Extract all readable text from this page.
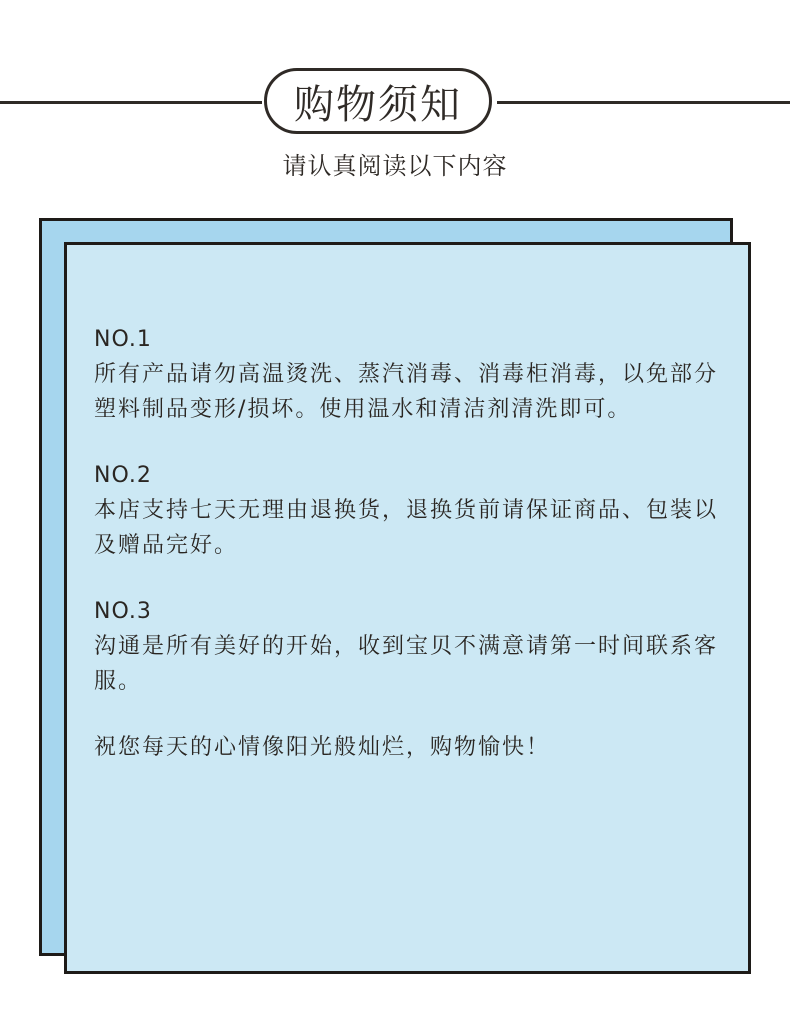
购物须知
请认真阅读以下内容
NO.1
所有产品请勿高温烫洗、蒸汽消毒、消毒柜消毒，以免部分塑料制品变形/损坏。使用温水和清洁剂清洗即可。
NO.2
本店支持七天无理由退换货，退换货前请保证商品、包装以及赠品完好。
NO.3
沟通是所有美好的开始，收到宝贝不满意请第一时间联系客服。
祝您每天的心情像阳光般灿烂，购物愉快！
